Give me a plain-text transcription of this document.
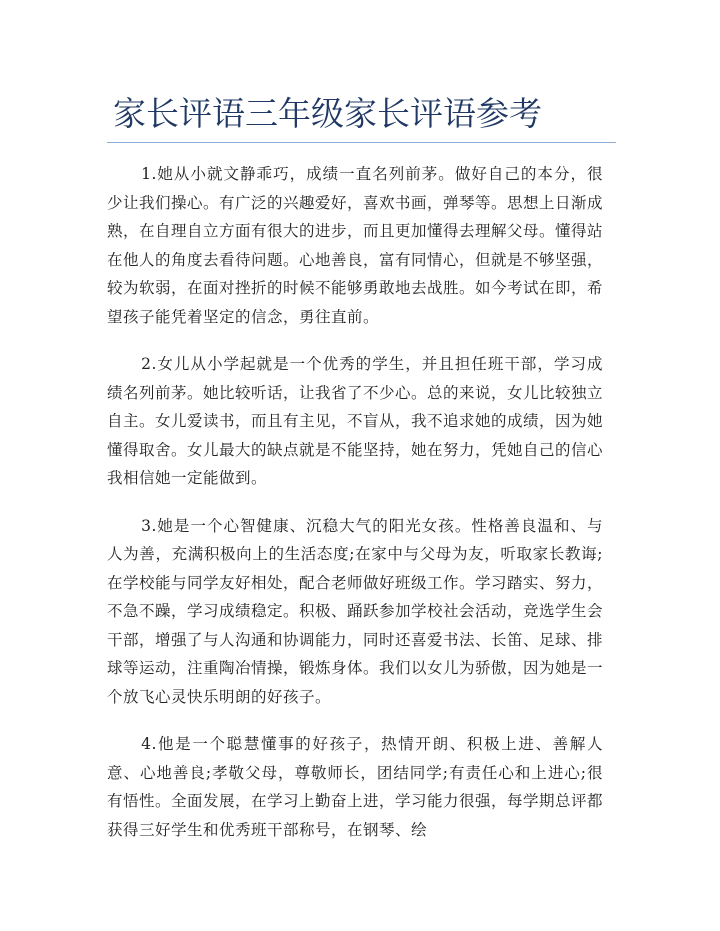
家长评语三年级家长评语参考

1.她从小就文静乖巧，成绩一直名列前茅。做好自己的本分，很少让我们操心。有广泛的兴趣爱好，喜欢书画，弹琴等。思想上日渐成熟，在自理自立方面有很大的进步，而且更加懂得去理解父母。懂得站在他人的角度去看待问题。心地善良，富有同情心，但就是不够坚强，较为软弱，在面对挫折的时候不能够勇敢地去战胜。如今考试在即，希望孩子能凭着坚定的信念，勇往直前。

2.女儿从小学起就是一个优秀的学生，并且担任班干部，学习成绩名列前茅。她比较听话，让我省了不少心。总的来说，女儿比较独立自主。女儿爱读书，而且有主见，不盲从，我不追求她的成绩，因为她懂得取舍。女儿最大的缺点就是不能坚持，她在努力，凭她自己的信心我相信她一定能做到。

3.她是一个心智健康、沉稳大气的阳光女孩。性格善良温和、与人为善，充满积极向上的生活态度;在家中与父母为友，听取家长教诲;在学校能与同学友好相处，配合老师做好班级工作。学习踏实、努力，不急不躁，学习成绩稳定。积极、踊跃参加学校社会活动，竞选学生会干部，增强了与人沟通和协调能力，同时还喜爱书法、长笛、足球、排球等运动，注重陶冶情操，锻炼身体。我们以女儿为骄傲，因为她是一个放飞心灵快乐明朗的好孩子。

4.他是一个聪慧懂事的好孩子，热情开朗、积极上进、善解人意、心地善良;孝敬父母，尊敬师长，团结同学;有责任心和上进心;很有悟性。全面发展，在学习上勤奋上进，学习能力很强，每学期总评都获得三好学生和优秀班干部称号，在钢琴、绘
